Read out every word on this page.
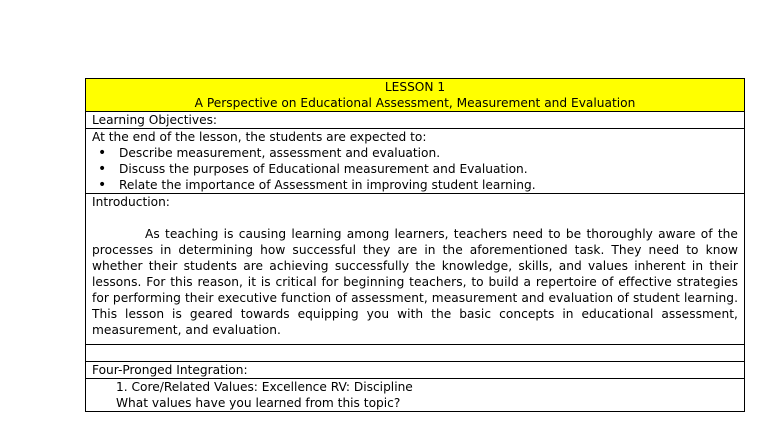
LESSON 1
A Perspective on Educational Assessment, Measurement and Evaluation

Learning Objectives:

At the end of the lesson, the students are expected to:
• Describe measurement, assessment and evaluation.
• Discuss the purposes of Educational measurement and Evaluation.
• Relate the importance of Assessment in improving student learning.

Introduction:

As teaching is causing learning among learners, teachers need to be thoroughly aware of the processes in determining how successful they are in the aforementioned task. They need to know whether their students are achieving successfully the knowledge, skills, and values inherent in their lessons. For this reason, it is critical for beginning teachers, to build a repertoire of effective strategies for performing their executive function of assessment, measurement and evaluation of student learning. This lesson is geared towards equipping you with the basic concepts in educational assessment, measurement, and evaluation.

Four-Pronged Integration:

1. Core/Related Values: Excellence RV: Discipline
What values have you learned from this topic?
